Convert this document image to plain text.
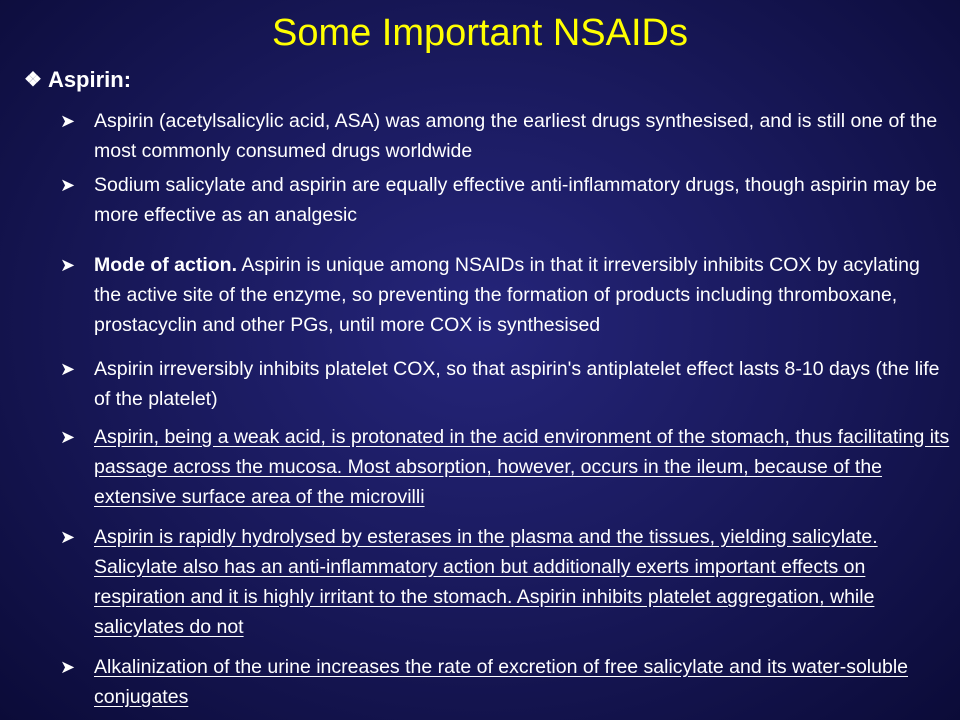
Some Important NSAIDs
❖ Aspirin:
➤ Aspirin (acetylsalicylic acid, ASA) was among the earliest drugs synthesised, and is still one of the most commonly consumed drugs worldwide
➤ Sodium salicylate and aspirin are equally effective anti-inflammatory drugs, though aspirin may be more effective as an analgesic
➤ Mode of action. Aspirin is unique among NSAIDs in that it irreversibly inhibits COX by acylating the active site of the enzyme, so preventing the formation of products including thromboxane, prostacyclin and other PGs, until more COX is synthesised
➤ Aspirin irreversibly inhibits platelet COX, so that aspirin's antiplatelet effect lasts 8-10 days (the life of the platelet)
➤ Aspirin, being a weak acid, is protonated in the acid environment of the stomach, thus facilitating its passage across the mucosa. Most absorption, however, occurs in the ileum, because of the extensive surface area of the microvilli
➤ Aspirin is rapidly hydrolysed by esterases in the plasma and the tissues, yielding salicylate. Salicylate also has an anti-inflammatory action but additionally exerts important effects on respiration and it is highly irritant to the stomach. Aspirin inhibits platelet aggregation, while salicylates do not
➤ Alkalinization of the urine increases the rate of excretion of free salicylate and its water-soluble conjugates
